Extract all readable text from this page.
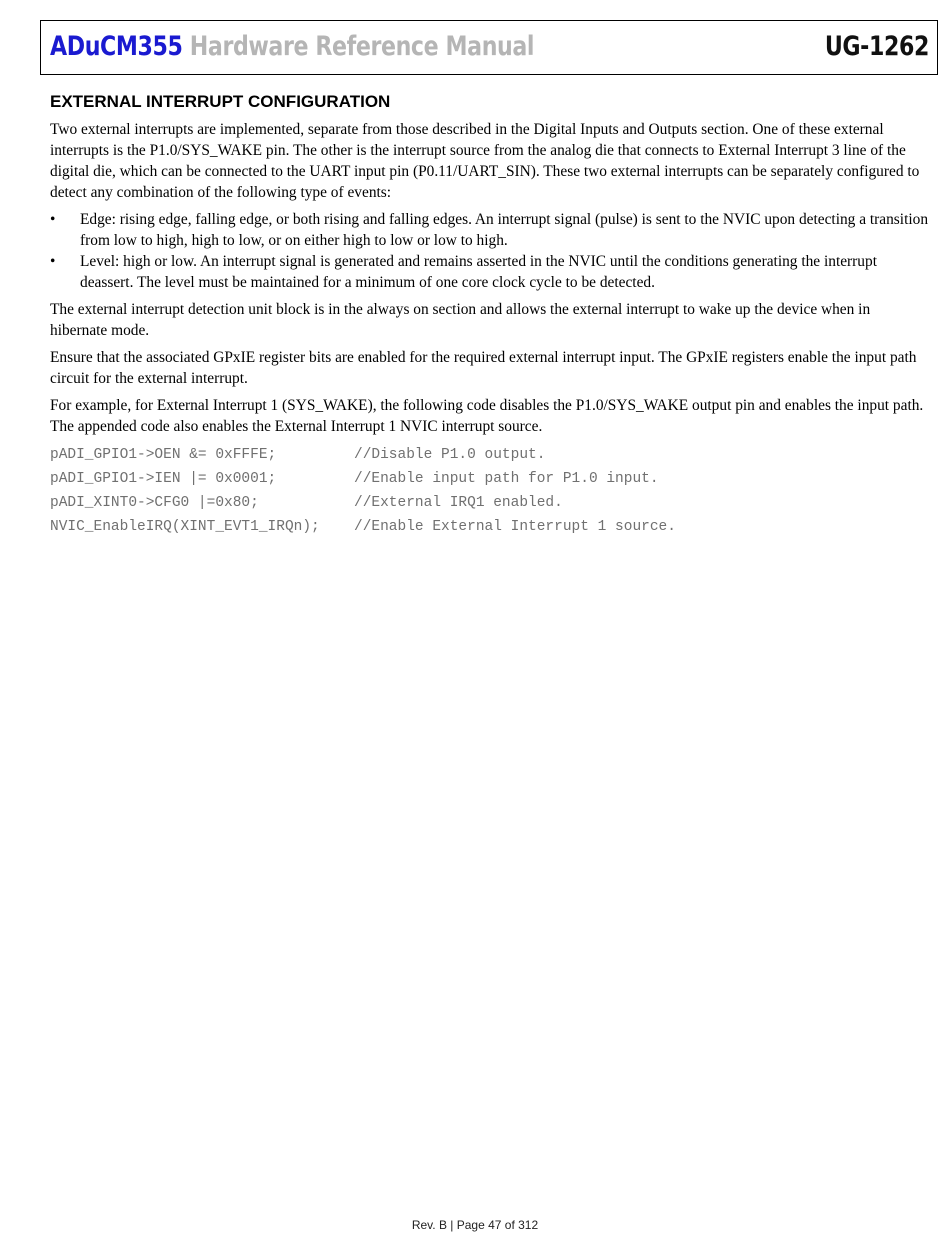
ADuCM355 Hardware Reference Manual	UG-1262
EXTERNAL INTERRUPT CONFIGURATION

Two external interrupts are implemented, separate from those described in the Digital Inputs and Outputs section. One of these external interrupts is the P1.0/SYS_WAKE pin. The other is the interrupt source from the analog die that connects to External Interrupt 3 line of the digital die, which can be connected to the UART input pin (P0.11/UART_SIN). These two external interrupts can be separately configured to detect any combination of the following type of events:

• Edge: rising edge, falling edge, or both rising and falling edges. An interrupt signal (pulse) is sent to the NVIC upon detecting a transition from low to high, high to low, or on either high to low or low to high.
• Level: high or low. An interrupt signal is generated and remains asserted in the NVIC until the conditions generating the interrupt deassert. The level must be maintained for a minimum of one core clock cycle to be detected.

The external interrupt detection unit block is in the always on section and allows the external interrupt to wake up the device when in hibernate mode.

Ensure that the associated GPxIE register bits are enabled for the required external interrupt input. The GPxIE registers enable the input path circuit for the external interrupt.

For example, for External Interrupt 1 (SYS_WAKE), the following code disables the P1.0/SYS_WAKE output pin and enables the input path. The appended code also enables the External Interrupt 1 NVIC interrupt source.

pADI_GPIO1->OEN &= 0xFFFE;	//Disable P1.0 output.
pADI_GPIO1->IEN |= 0x0001;	//Enable input path for P1.0 input.
pADI_XINT0->CFG0 |=0x80;	//External IRQ1 enabled.
NVIC_EnableIRQ(XINT_EVT1_IRQn);	//Enable External Interrupt 1 source.
Rev. B | Page 47 of 312
